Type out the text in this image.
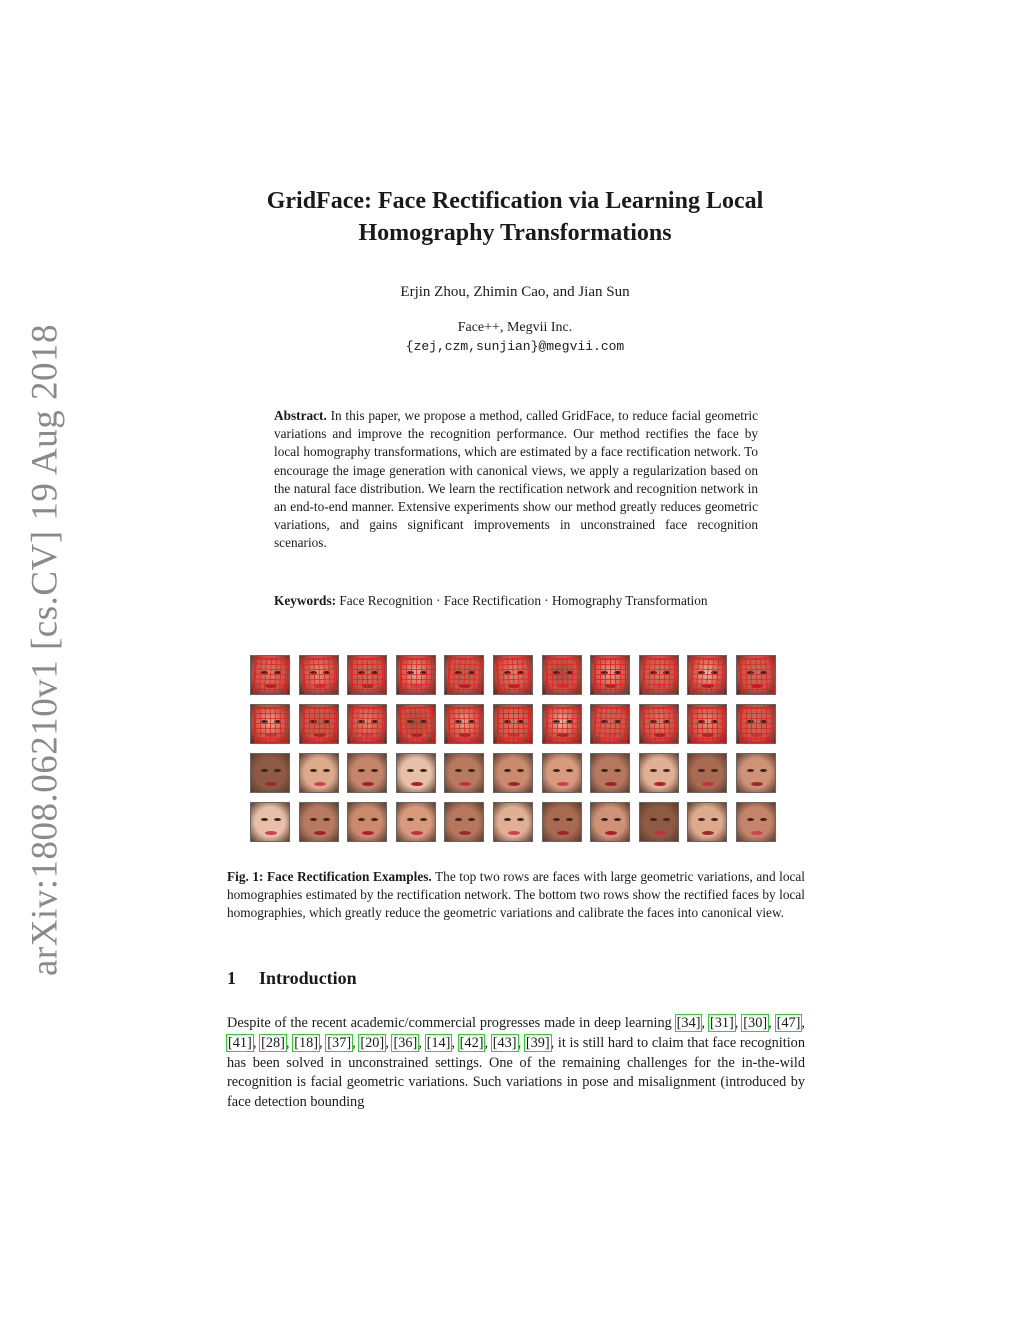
arXiv:1808.06210v1 [cs.CV] 19 Aug 2018
GridFace: Face Rectification via Learning Local
Homography Transformations
Erjin Zhou, Zhimin Cao, and Jian Sun
Face++, Megvii Inc.
{zej,czm,sunjian}@megvii.com
Abstract. In this paper, we propose a method, called GridFace, to reduce facial geometric variations and improve the recognition performance. Our method rectifies the face by local homography transformations, which are estimated by a face rectification network. To encourage the image generation with canonical views, we apply a regularization based on the natural face distribution. We learn the rectification network and recognition network in an end-to-end manner. Extensive experiments show our method greatly reduces geometric variations, and gains significant improvements in unconstrained face recognition scenarios.
Keywords: Face Recognition · Face Rectification · Homography Transformation
Fig. 1: Face Rectification Examples. The top two rows are faces with large geometric variations, and local homographies estimated by the rectification network. The bottom two rows show the rectified faces by local homographies, which greatly reduce the geometric variations and calibrate the faces into canonical view.
1 Introduction
Despite of the recent academic/commercial progresses made in deep learning [34], [31], [30], [47], [41], [28], [18], [37], [20], [36], [14], [42], [43], [39], it is still hard to claim that face recognition has been solved in unconstrained settings. One of the remaining challenges for the in-the-wild recognition is facial geometric variations. Such variations in pose and misalignment (introduced by face detection bounding
